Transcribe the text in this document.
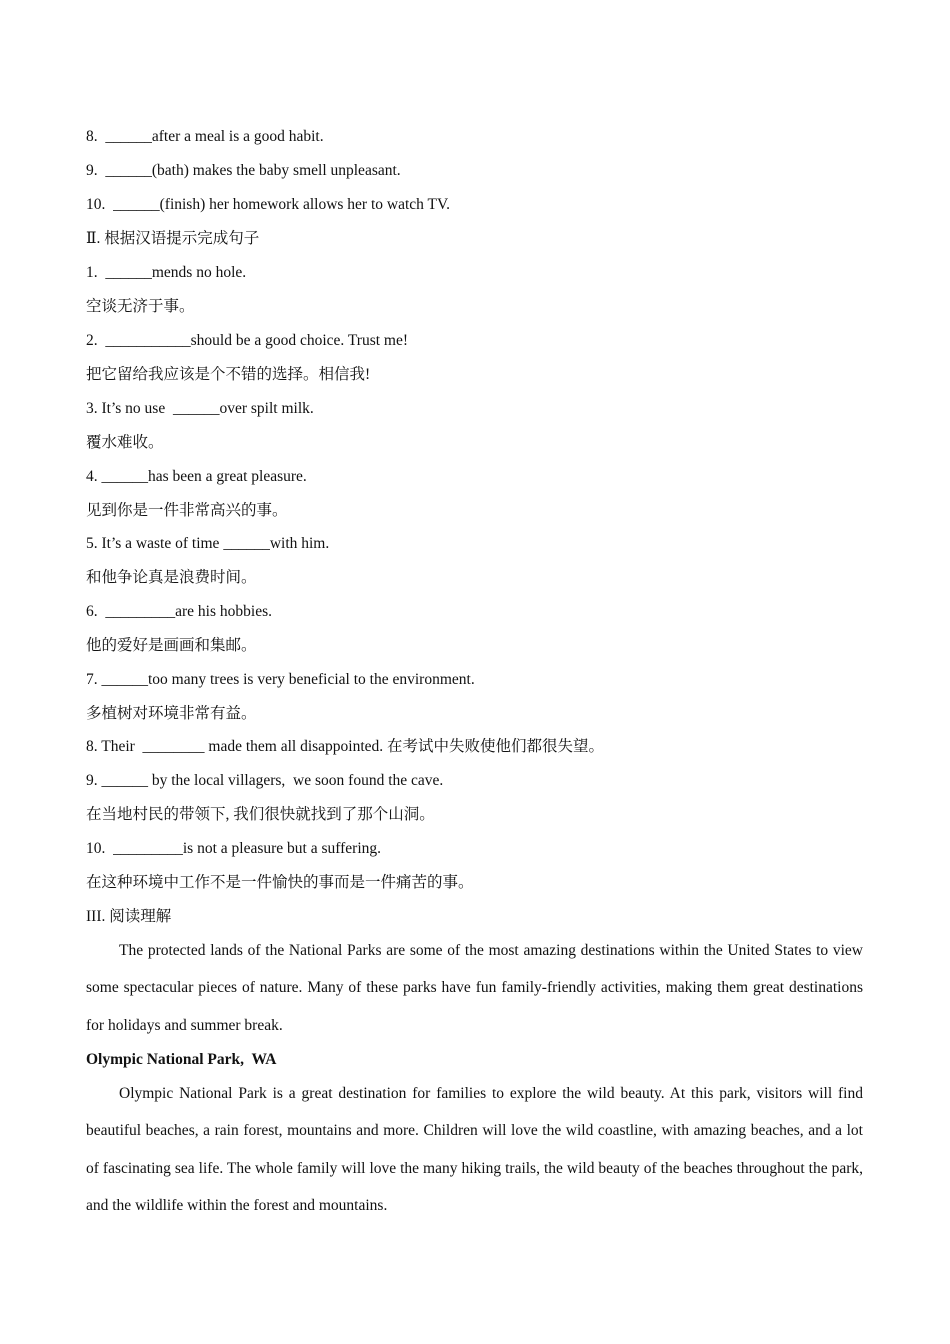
8.  ______after a meal is a good habit.
9.  ______(bath) makes the baby smell unpleasant.
10.  ______(finish) her homework allows her to watch TV.
Ⅱ. 根据汉语提示完成句子
1.  ______mends no hole.
空谈无济于事。
2.  ___________should be a good choice. Trust me!
把它留给我应该是个不错的选择。相信我!
3. It’s no use  ______over spilt milk.
覆水难收。
4. ______has been a great pleasure.
见到你是一件非常高兴的事。
5. It’s a waste of time ______with him.
和他争论真是浪费时间。
6.  _________are his hobbies.
他的爱好是画画和集邮。
7. ______too many trees is very beneficial to the environment.
多植树对环境非常有益。
8. Their  ________ made them all disappointed. 在考试中失败使他们都很失望。
9. ______ by the local villagers,  we soon found the cave.
在当地村民的带领下, 我们很快就找到了那个山洞。
10.  _________is not a pleasure but a suffering.
在这种环境中工作不是一件愉快的事而是一件痛苦的事。
III. 阅读理解

The protected lands of the National Parks are some of the most amazing destinations within the United States to view some spectacular pieces of nature. Many of these parks have fun family-friendly activities, making them great destinations for holidays and summer break.

Olympic National Park,  WA

Olympic National Park is a great destination for families to explore the wild beauty. At this park, visitors will find beautiful beaches, a rain forest, mountains and more. Children will love the wild coastline, with amazing beaches, and a lot of fascinating sea life. The whole family will love the many hiking trails, the wild beauty of the beaches throughout the park, and the wildlife within the forest and mountains.
